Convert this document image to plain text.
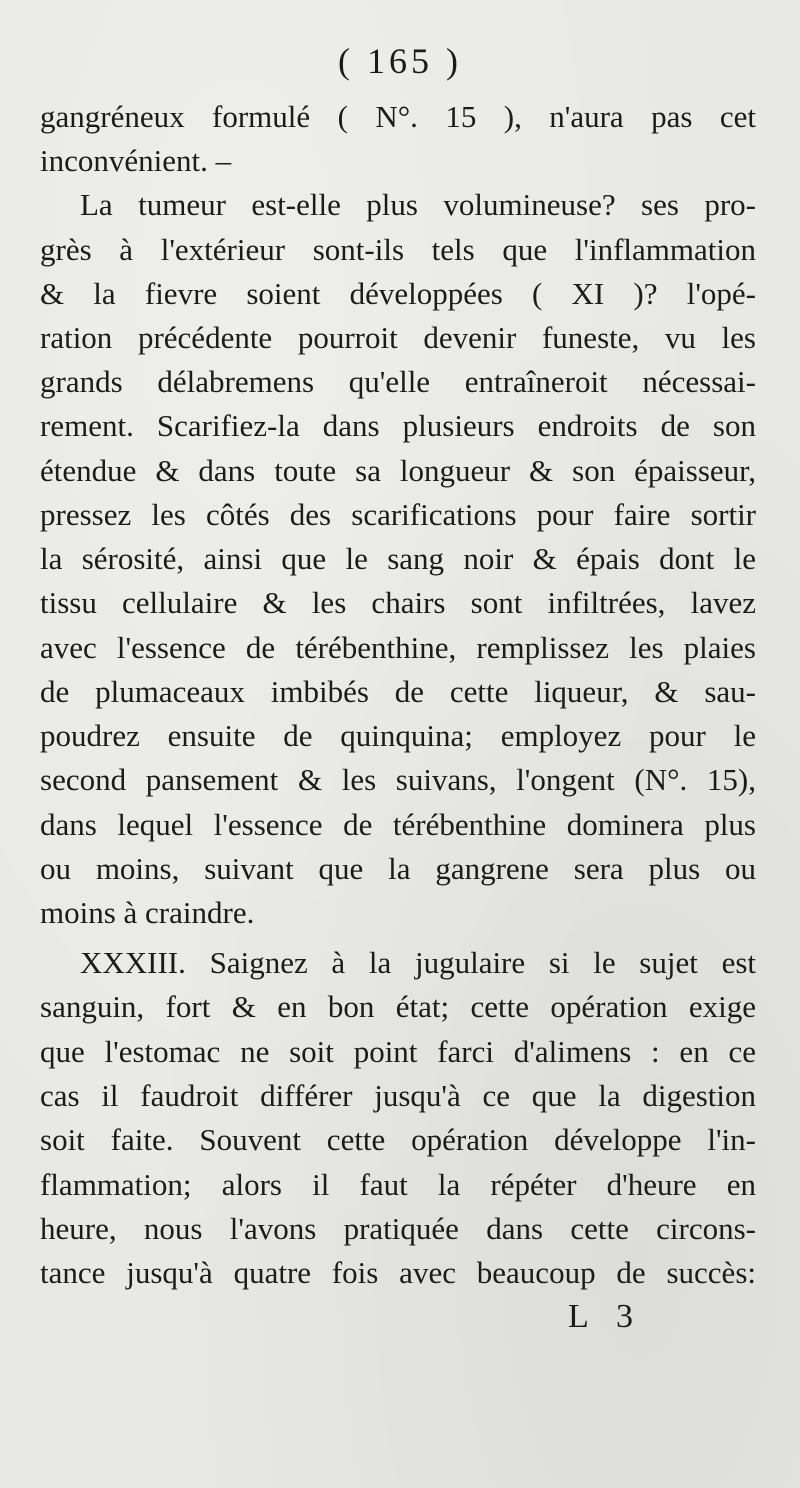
( 165 )
gangréneux formulé ( N°. 15 ), n'aura pas cet
inconvénient. –
La tumeur est-elle plus volumineuse? ses pro-
grès à l'extérieur sont-ils tels que l'inflammation
& la fievre soient développées ( XI )? l'opé-
ration précédente pourroit devenir funeste, vu les
grands délabremens qu'elle entraîneroit nécessai-
rement. Scarifiez-la dans plusieurs endroits de son
étendue & dans toute sa longueur & son épaisseur,
pressez les côtés des scarifications pour faire sortir
la sérosité, ainsi que le sang noir & épais dont le
tissu cellulaire & les chairs sont infiltrées, lavez
avec l'essence de térébenthine, remplissez les plaies
de plumaceaux imbibés de cette liqueur, & sau-
poudrez ensuite de quinquina; employez pour le
second pansement & les suivans, l'ongent (N°. 15),
dans lequel l'essence de térébenthine dominera plus
ou moins, suivant que la gangrene sera plus ou
moins à craindre.
XXXIII. Saignez à la jugulaire si le sujet est
sanguin, fort & en bon état; cette opération exige
que l'estomac ne soit point farci d'alimens : en ce
cas il faudroit différer jusqu'à ce que la digestion
soit faite. Souvent cette opération développe l'in-
flammation; alors il faut la répéter d'heure en
heure, nous l'avons pratiquée dans cette circons-
tance jusqu'à quatre fois avec beaucoup de succès:
L 3
